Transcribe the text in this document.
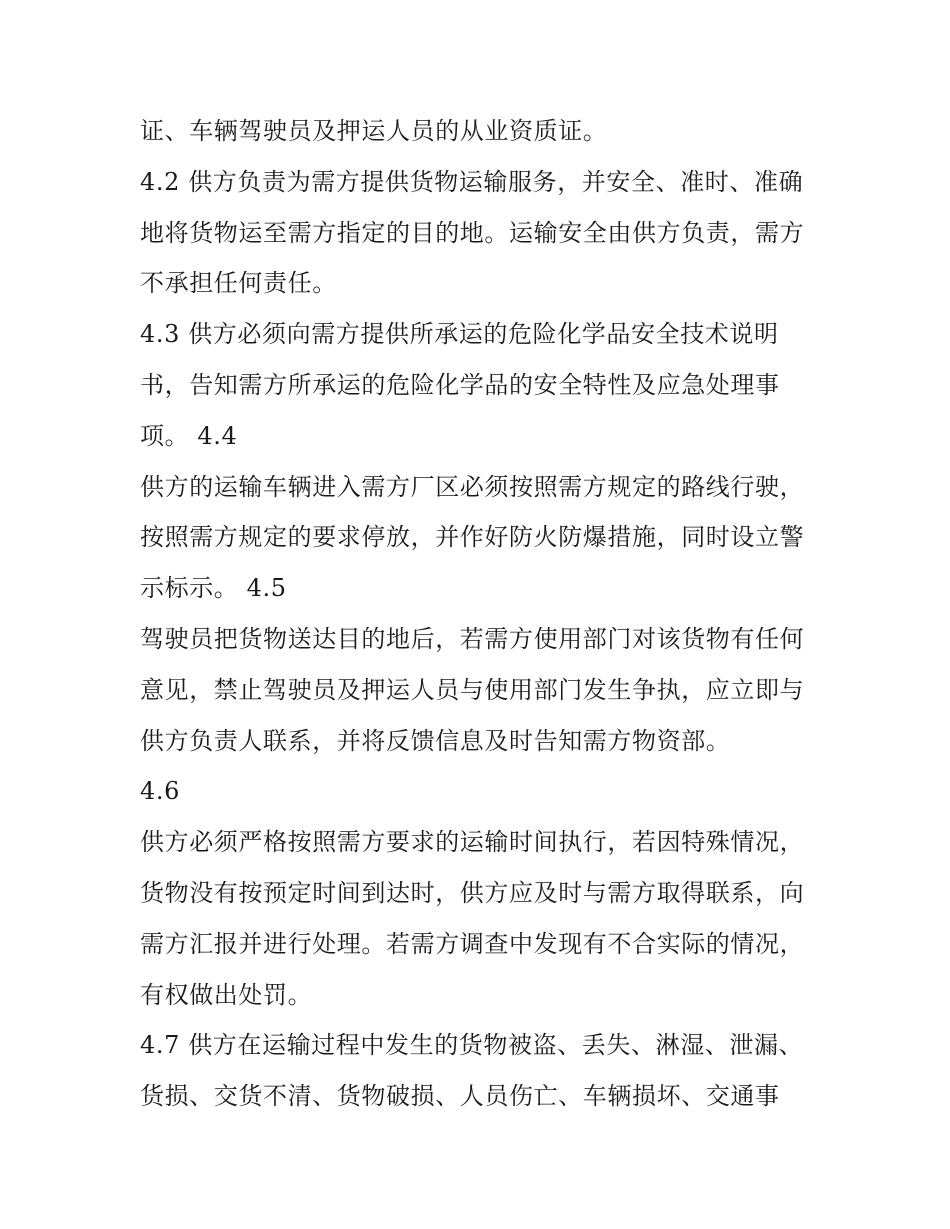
证、车辆驾驶员及押运人员的从业资质证。
4.2 供方负责为需方提供货物运输服务，并安全、准时、准确
地将货物运至需方指定的目的地。运输安全由供方负责，需方
不承担任何责任。
4.3 供方必须向需方提供所承运的危险化学品安全技术说明
书，告知需方所承运的危险化学品的安全特性及应急处理事
项。 4.4
供方的运输车辆进入需方厂区必须按照需方规定的路线行驶，
按照需方规定的要求停放，并作好防火防爆措施，同时设立警
示标示。 4.5
驾驶员把货物送达目的地后，若需方使用部门对该货物有任何
意见，禁止驾驶员及押运人员与使用部门发生争执，应立即与
供方负责人联系，并将反馈信息及时告知需方物资部。
4.6
供方必须严格按照需方要求的运输时间执行，若因特殊情况，
货物没有按预定时间到达时，供方应及时与需方取得联系，向
需方汇报并进行处理。若需方调查中发现有不合实际的情况，
有权做出处罚。
4.7 供方在运输过程中发生的货物被盗、丢失、淋湿、泄漏、
货损、交货不清、货物破损、人员伤亡、车辆损坏、交通事
